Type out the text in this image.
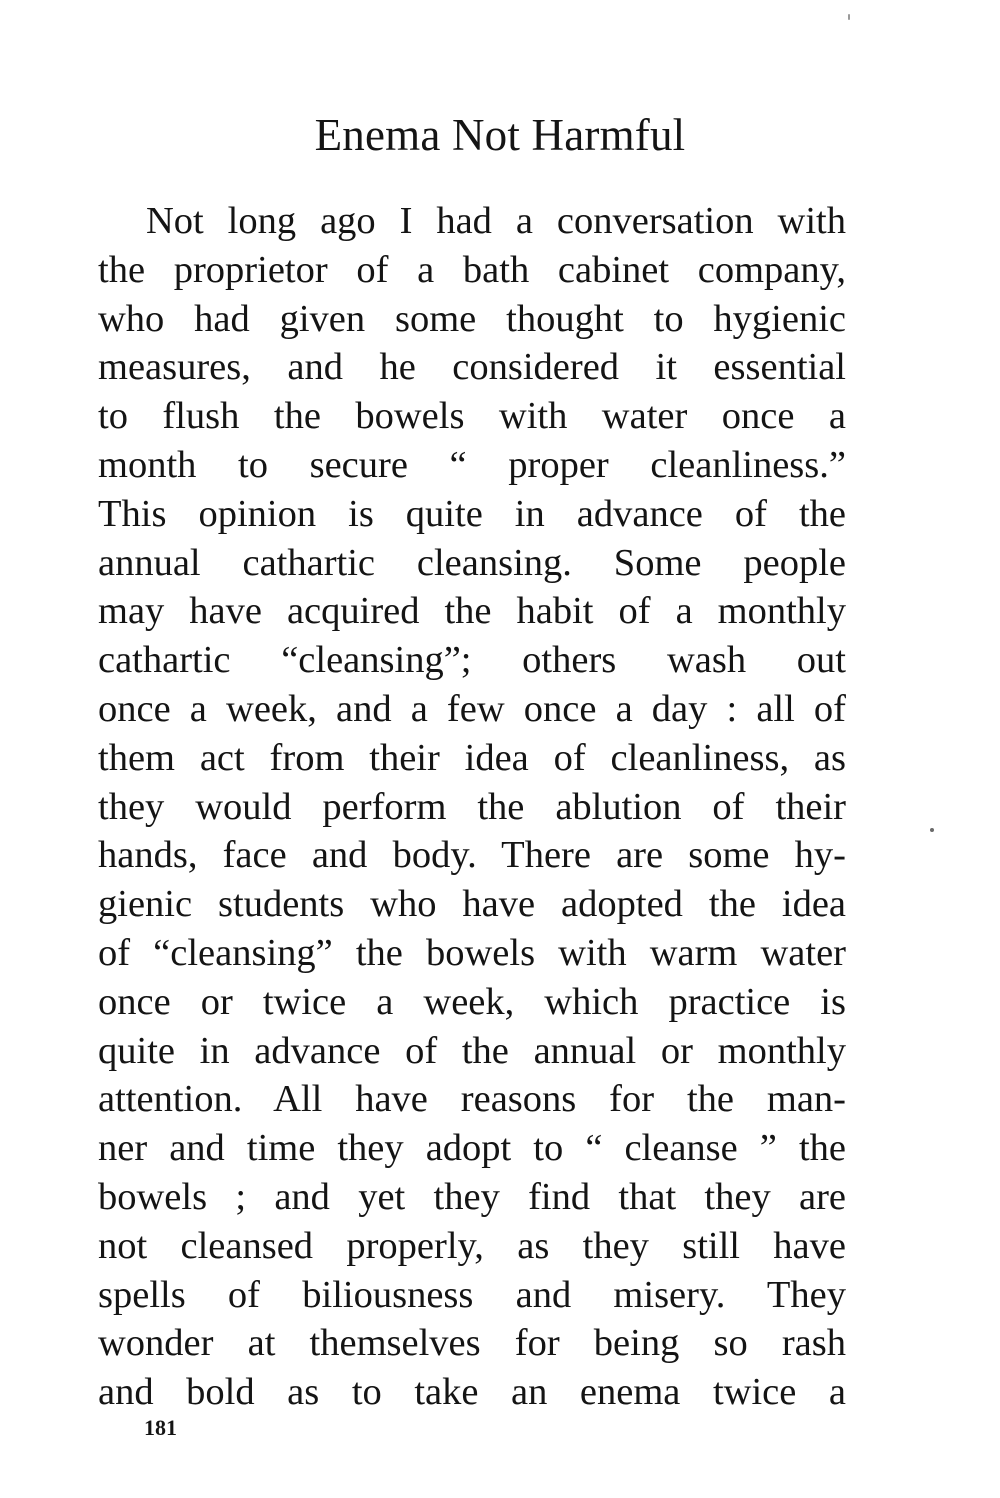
Enema Not Harmful
Not long ago I had a conversation with
the proprietor of a bath cabinet company,
who had given some thought to hygienic
measures, and he considered it essential
to flush the bowels with water once a
month to secure “ proper cleanliness.”
This opinion is quite in advance of the
annual cathartic cleansing. Some people
may have acquired the habit of a monthly
cathartic “cleansing”; others wash out
once a week, and a few once a day : all of
them act from their idea of cleanliness, as
they would perform the ablution of their
hands, face and body. There are some hy-
gienic students who have adopted the idea
of “cleansing” the bowels with warm water
once or twice a week, which practice is
quite in advance of the annual or monthly
attention. All have reasons for the man-
ner and time they adopt to “ cleanse ” the
bowels ; and yet they find that they are
not cleansed properly, as they still have
spells of biliousness and misery. They
wonder at themselves for being so rash
and bold as to take an enema twice a
181
